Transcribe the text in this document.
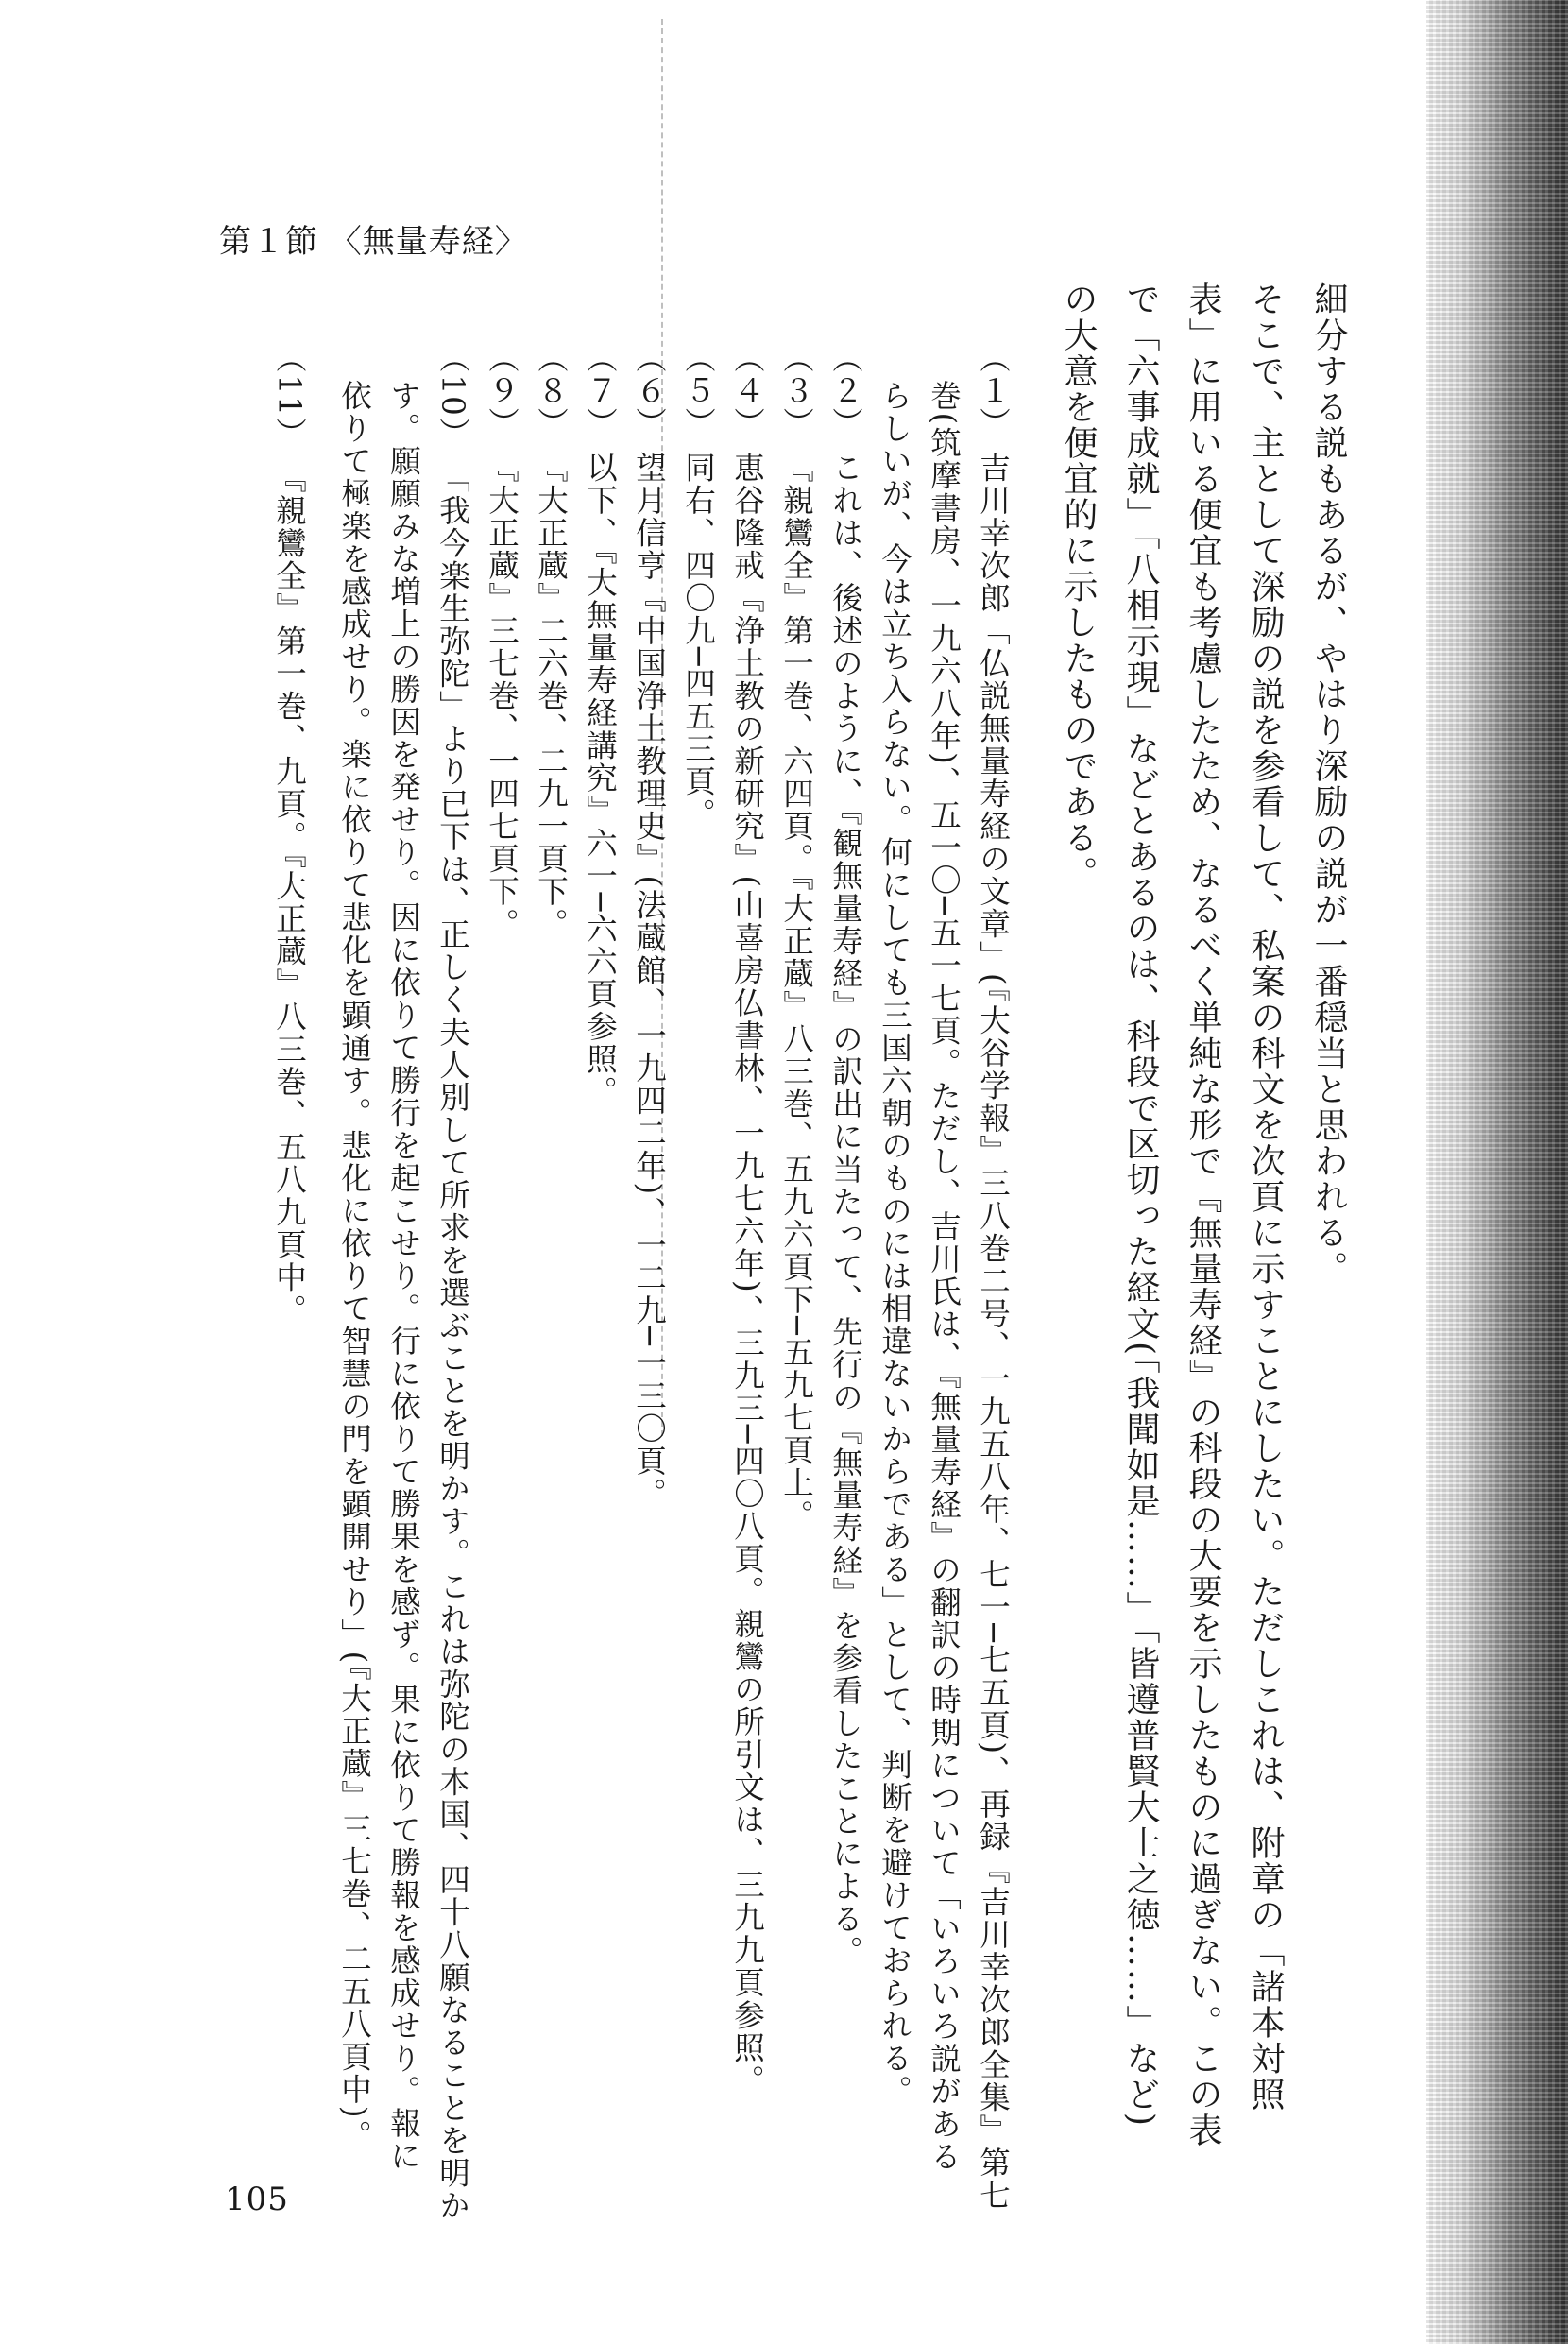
第１節 〈無量寿経〉
細分する説もあるが、やはり深励の説が一番穏当と思われる。
そこで、主として深励の説を参看して、私案の科文を次頁に示すことにしたい。ただしこれは、附章の「諸本対照
表」に用いる便宜も考慮したため、なるべく単純な形で『無量寿経』の科段の大要を示したものに過ぎない。この表
で「六事成就」「八相示現」などとあるのは、科段で区切った経文(「我聞如是……」「皆遵普賢大士之徳……」など)
の大意を便宜的に示したものである。
（１） 吉川幸次郎「仏説無量寿経の文章」(『大谷学報』三八巻二号、一九五八年、七一─七五頁)、再録『吉川幸次郎全集』第七
巻(筑摩書房、一九六八年)、五一〇─五一七頁。ただし、吉川氏は、『無量寿経』の翻訳の時期について「いろいろ説がある
らしいが、今は立ち入らない。何にしても三国六朝のものには相違ないからである」として、判断を避けておられる。
（２） これは、後述のように、『観無量寿経』の訳出に当たって、先行の『無量寿経』を参看したことによる。
（３） 『親鸞全』第一巻、六四頁。『大正蔵』八三巻、五九六頁下─五九七頁上。
（４） 恵谷隆戒『浄土教の新研究』(山喜房仏書林、一九七六年)、三九三─四〇八頁。親鸞の所引文は、三九九頁参照。
（５） 同右、四〇九─四五三頁。
（６） 望月信亨『中国浄土教理史』(法蔵館、一九四二年)、一二九─一三〇頁。
（７） 以下、『大無量寿経講究』六一─六六頁参照。
（８） 『大正蔵』二六巻、二九一頁下。
（９） 『大正蔵』三七巻、一四七頁下。
（10） 「我今楽生弥陀」より已下は、正しく夫人別して所求を選ぶことを明かす。これは弥陀の本国、四十八願なることを明か
す。願願みな増上の勝因を発せり。因に依りて勝行を起こせり。行に依りて勝果を感ず。果に依りて勝報を感成せり。報に
依りて極楽を感成せり。楽に依りて悲化を顕通す。悲化に依りて智慧の門を顕開せり」(『大正蔵』三七巻、二五八頁中)。
（11） 『親鸞全』第一巻、九頁。『大正蔵』八三巻、五八九頁中。
105
